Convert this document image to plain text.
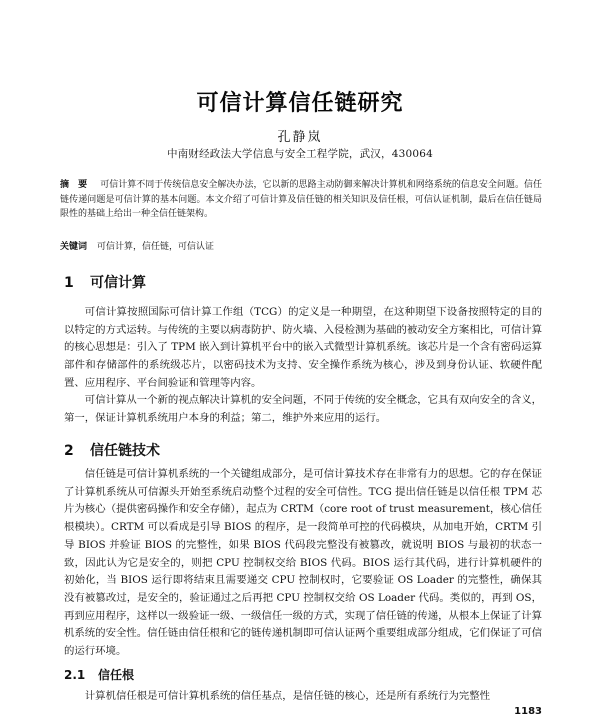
可信计算信任链研究
孔静岚
中南财经政法大学信息与安全工程学院，武汉，430064
摘 要 可信计算不同于传统信息安全解决办法，它以新的思路主动防御来解决计算机和网络系统的信息安全问题。信任链传递问题是可信计算的基本问题。本文介绍了可信计算及信任链的相关知识及信任根，可信认证机制，最后在信任链局限性的基础上给出一种全信任链架构。
关键词 可信计算，信任链，可信认证
1 可信计算
可信计算按照国际可信计算工作组（TCG）的定义是一种期望，在这种期望下设备按照特定的目的以特定的方式运转。与传统的主要以病毒防护、防火墙、入侵检测为基础的被动安全方案相比，可信计算的核心思想是：引入了 TPM 嵌入到计算机平台中的嵌入式微型计算机系统。该芯片是一个含有密码运算部件和存储部件的系统级芯片，以密码技术为支持、安全操作系统为核心，涉及到身份认证、软硬件配置、应用程序、平台间验证和管理等内容。
可信计算从一个新的视点解决计算机的安全问题，不同于传统的安全概念，它具有双向安全的含义，第一，保证计算机系统用户本身的利益；第二，维护外来应用的运行。
2 信任链技术
信任链是可信计算机系统的一个关键组成部分，是可信计算技术存在非常有力的思想。它的存在保证了计算机系统从可信源头开始至系统启动整个过程的安全可信性。TCG 提出信任链是以信任根 TPM 芯片为核心（提供密码操作和安全存储），起点为 CRTM（core root of trust measurement，核心信任根模块）。CRTM 可以看成是引导 BIOS 的程序，是一段简单可控的代码模块，从加电开始，CRTM 引导 BIOS 并验证 BIOS 的完整性，如果 BIOS 代码段完整没有被篡改，就说明 BIOS 与最初的状态一致，因此认为它是安全的，则把 CPU 控制权交给 BIOS 代码。BIOS 运行其代码，进行计算机硬件的初始化，当 BIOS 运行即将结束且需要递交 CPU 控制权时，它要验证 OS Loader 的完整性，确保其没有被篡改过，是安全的，验证通过之后再把 CPU 控制权交给 OS Loader 代码。类似的，再到 OS，再到应用程序，这样以一级验证一级、一级信任一级的方式，实现了信任链的传递，从根本上保证了计算机系统的安全性。信任链由信任根和它的链传递机制即可信认证两个重要组成部分组成，它们保证了可信的运行环境。
2.1 信任根
计算机信任根是可信计算机系统的信任基点，是信任链的核心，还是所有系统行为完整性
1183
